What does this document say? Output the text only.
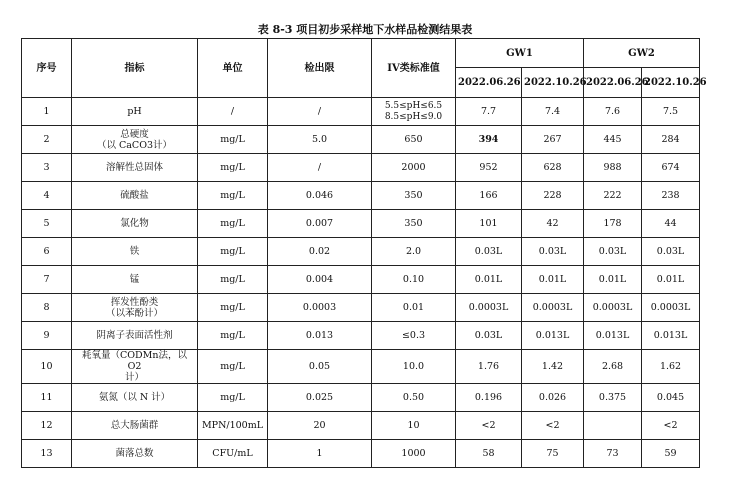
表 8-3 项目初步采样地下水样品检测结果表
序号	指标	单位	检出限	IV类标准值	GW1		GW2	
					2022.06.26	2022.10.26	2022.06.26	2022.10.26

1	pH	/	/	5.5≤pH≤6.5
8.5≤pH≤9.0	7.7	7.4	7.6	7.5

2	总硬度
（以 CaCO3计）	mg/L	5.0	650	394	267	445	284

3	溶解性总固体	mg/L	/	2000	952	628	988	674

4	硫酸盐	mg/L	0.046	350	166	228	222	238

5	氯化物	mg/L	0.007	350	101	42	178	44

6	铁	mg/L	0.02	2.0	0.03L	0.03L	0.03L	0.03L

7	锰	mg/L	0.004	0.10	0.01L	0.01L	0.01L	0.01L

8	挥发性酚类
（以苯酚计）	mg/L	0.0003	0.01	0.0003L	0.0003L	0.0003L	0.0003L

9	阴离子表面活性剂	mg/L	0.013	≤0.3	0.03L	0.013L	0.013L	0.013L

10	耗氧量（CODMn法，以 O2
计）	mg/L	0.05	10.0	1.76	1.42	2.68	1.62

11	氨氮（以 N 计）	mg/L	0.025	0.50	0.196	0.026	0.375	0.045

12	总大肠菌群	MPN/100mL	20	10	<2	<2		<2

13	菌落总数	CFU/mL	1	1000	58	75	73	59
